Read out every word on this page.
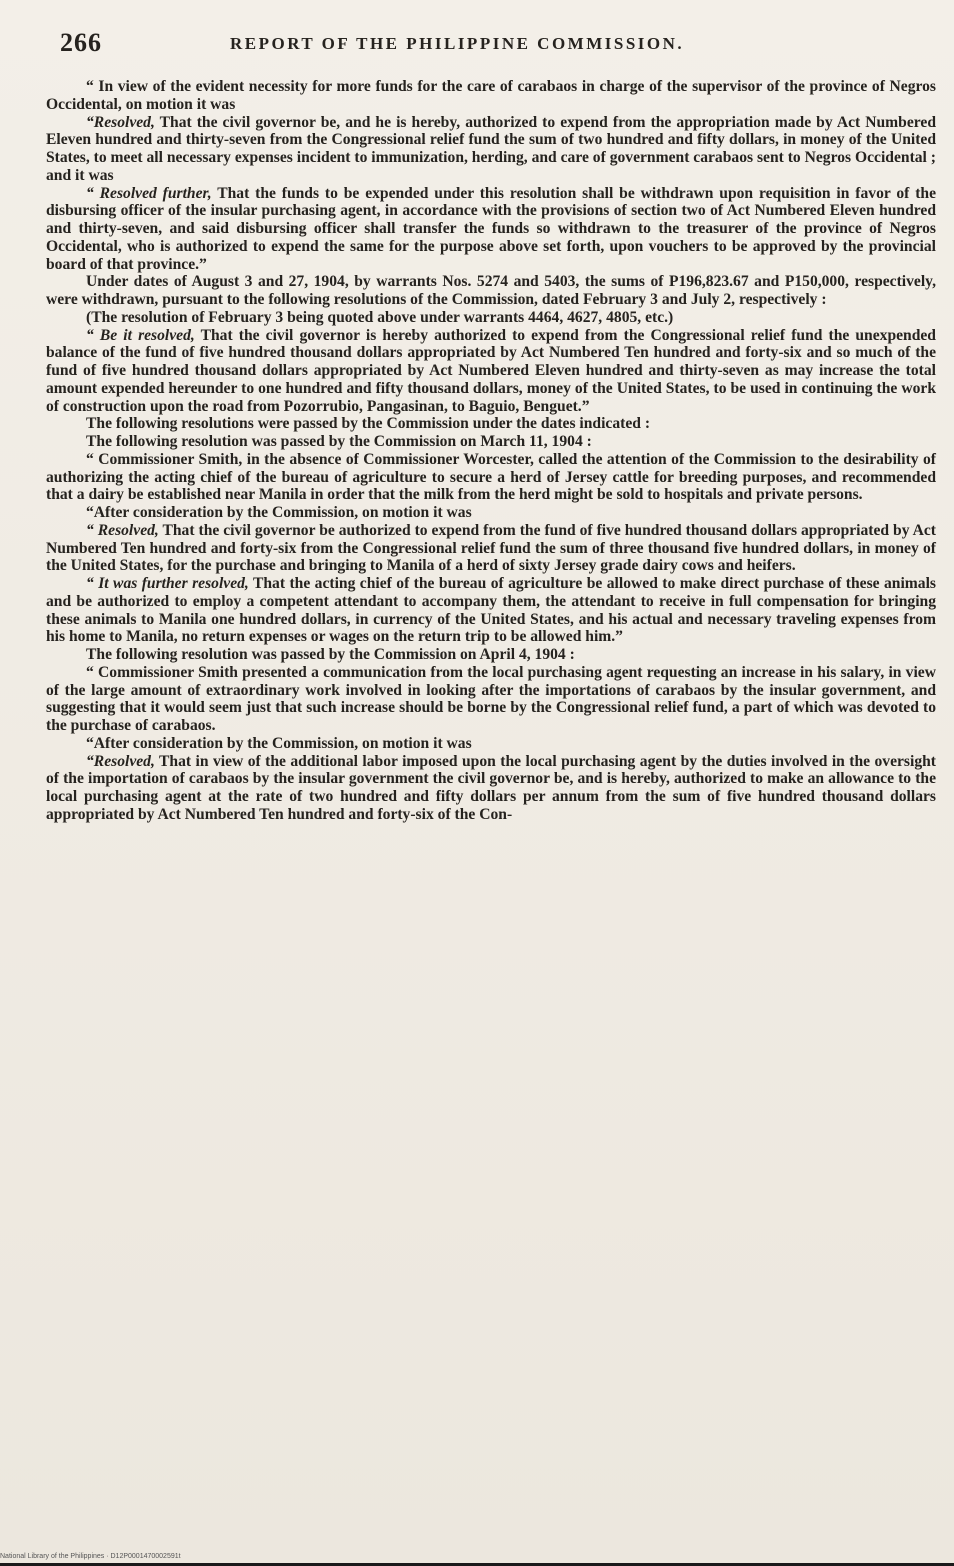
266	REPORT OF THE PHILIPPINE COMMISSION.

“ In view of the evident necessity for more funds for the care of carabaos in charge of the supervisor of the province of Negros Occidental, on motion it was

“Resolved, That the civil governor be, and he is hereby, authorized to expend from the appropriation made by Act Numbered Eleven hundred and thirty-seven from the Congressional relief fund the sum of two hundred and fifty dollars, in money of the United States, to meet all necessary expenses incident to immunization, herding, and care of government carabaos sent to Negros Occidental ; and it was

“ Resolved further, That the funds to be expended under this resolution shall be withdrawn upon requisition in favor of the disbursing officer of the insular purchasing agent, in accordance with the provisions of section two of Act Numbered Eleven hundred and thirty-seven, and said disbursing officer shall transfer the funds so withdrawn to the treasurer of the province of Negros Occidental, who is authorized to expend the same for the purpose above set forth, upon vouchers to be approved by the provincial board of that province.”

Under dates of August 3 and 27, 1904, by warrants Nos. 5274 and 5403, the sums of P196,823.67 and P150,000, respectively, were withdrawn, pursuant to the following resolutions of the Commission, dated February 3 and July 2, respectively :

(The resolution of February 3 being quoted above under warrants 4464, 4627, 4805, etc.)

“ Be it resolved, That the civil governor is hereby authorized to expend from the Congressional relief fund the unexpended balance of the fund of five hundred thousand dollars appropriated by Act Numbered Ten hundred and forty-six and so much of the fund of five hundred thousand dollars appropriated by Act Numbered Eleven hundred and thirty-seven as may increase the total amount expended hereunder to one hundred and fifty thousand dollars, money of the United States, to be used in continuing the work of construction upon the road from Pozorrubio, Pangasinan, to Baguio, Benguet.”

The following resolutions were passed by the Commission under the dates indicated :

The following resolution was passed by the Commission on March 11, 1904 :

“ Commissioner Smith, in the absence of Commissioner Worcester, called the attention of the Commission to the desirability of authorizing the acting chief of the bureau of agriculture to secure a herd of Jersey cattle for breeding purposes, and recommended that a dairy be established near Manila in order that the milk from the herd might be sold to hospitals and private persons.

“After consideration by the Commission, on motion it was

“ Resolved, That the civil governor be authorized to expend from the fund of five hundred thousand dollars appropriated by Act Numbered Ten hundred and forty-six from the Congressional relief fund the sum of three thousand five hundred dollars, in money of the United States, for the purchase and bringing to Manila of a herd of sixty Jersey grade dairy cows and heifers.

“ It was further resolved, That the acting chief of the bureau of agriculture be allowed to make direct purchase of these animals and be authorized to employ a competent attendant to accompany them, the attendant to receive in full compensation for bringing these animals to Manila one hundred dollars, in currency of the United States, and his actual and necessary traveling expenses from his home to Manila, no return expenses or wages on the return trip to be allowed him.”

The following resolution was passed by the Commission on April 4, 1904 :

“ Commissioner Smith presented a communication from the local purchasing agent requesting an increase in his salary, in view of the large amount of extraordinary work involved in looking after the importations of carabaos by the insular government, and suggesting that it would seem just that such increase should be borne by the Congressional relief fund, a part of which was devoted to the purchase of carabaos.

“After consideration by the Commission, on motion it was

“Resolved, That in view of the additional labor imposed upon the local purchasing agent by the duties involved in the oversight of the importation of carabaos by the insular government the civil governor be, and is hereby, authorized to make an allowance to the local purchasing agent at the rate of two hundred and fifty dollars per annum from the sum of five hundred thousand dollars appropriated by Act Numbered Ten hundred and forty-six of the Con-

National Library of the Philippines · D12P0001470002591t
